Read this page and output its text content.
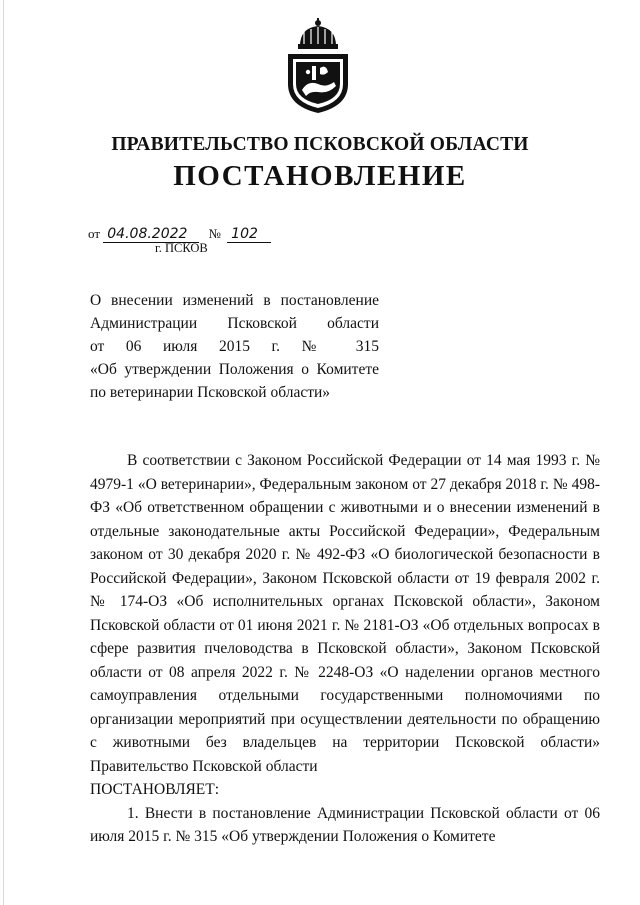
ПРАВИТЕЛЬСТВО ПСКОВСКОЙ ОБЛАСТИ
ПОСТАНОВЛЕНИЕ
от 04.08.2022 № 102
г. ПСКОВ
О внесении изменений в постановление
Администрации Псковской области
от 06 июля 2015 г. № 315
«Об утверждении Положения о Комитете
по ветеринарии Псковской области»

В соответствии с Законом Российской Федерации от 14 мая 1993 г. № 4979-1 «О ветеринарии», Федеральным законом от 27 декабря 2018 г. № 498-ФЗ «Об ответственном обращении с животными и о внесении изменений в отдельные законодательные акты Российской Федерации», Федеральным законом от 30 декабря 2020 г. № 492-ФЗ «О биологической безопасности в Российской Федерации», Законом Псковской области от 19 февраля 2002 г. № 174-ОЗ «Об исполнительных органах Псковской области», Законом Псковской области от 01 июня 2021 г. № 2181-ОЗ «Об отдельных вопросах в сфере развития пчеловодства в Псковской области», Законом Псковской области от 08 апреля 2022 г. № 2248-ОЗ «О наделении органов местного самоуправления отдельными государственными полномочиями по организации мероприятий при осуществлении деятельности по обращению с животными без владельцев на территории Псковской области» Правительство Псковской области

ПОСТАНОВЛЯЕТ:

1. Внести в постановление Администрации Псковской области от 06 июля 2015 г. № 315 «Об утверждении Положения о Комитете
